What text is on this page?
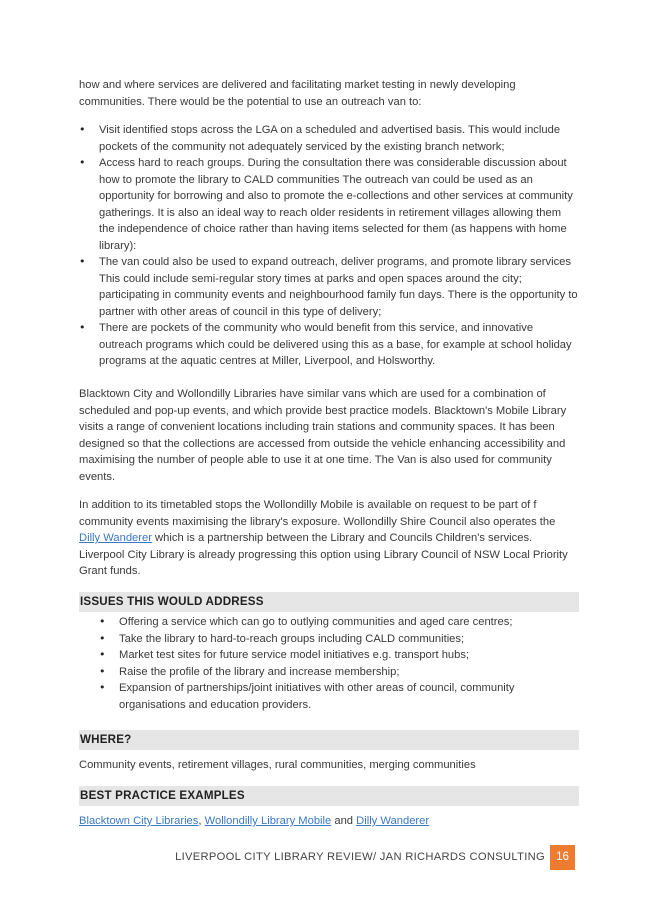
how and where services are delivered and facilitating market testing in newly developing communities. There would be the potential to use an outreach van to:

• Visit identified stops across the LGA on a scheduled and advertised basis. This would include pockets of the community not adequately serviced by the existing branch network;
• Access hard to reach groups. During the consultation there was considerable discussion about how to promote the library to CALD communities The outreach van could be used as an opportunity for borrowing and also to promote the e-collections and other services at community gatherings. It is also an ideal way to reach older residents in retirement villages allowing them the independence of choice rather than having items selected for them (as happens with home library):
• The van could also be used to expand outreach, deliver programs, and promote library services This could include semi-regular story times at parks and open spaces around the city; participating in community events and neighbourhood family fun days. There is the opportunity to partner with other areas of council in this type of delivery;
• There are pockets of the community who would benefit from this service, and innovative outreach programs which could be delivered using this as a base, for example at school holiday programs at the aquatic centres at Miller, Liverpool, and Holsworthy.

Blacktown City and Wollondilly Libraries have similar vans which are used for a combination of scheduled and pop-up events, and which provide best practice models. Blacktown's Mobile Library visits a range of convenient locations including train stations and community spaces. It has been designed so that the collections are accessed from outside the vehicle enhancing accessibility and maximising the number of people able to use it at one time. The Van is also used for community events.

In addition to its timetabled stops the Wollondilly Mobile is available on request to be part of f community events maximising the library's exposure. Wollondilly Shire Council also operates the Dilly Wanderer which is a partnership between the Library and Councils Children's services. Liverpool City Library is already progressing this option using Library Council of NSW Local Priority Grant funds.

ISSUES THIS WOULD ADDRESS
• Offering a service which can go to outlying communities and aged care centres;
• Take the library to hard-to-reach groups including CALD communities;
• Market test sites for future service model initiatives e.g. transport hubs;
• Raise the profile of the library and increase membership;
• Expansion of partnerships/joint initiatives with other areas of council, community organisations and education providers.
WHERE?

Community events, retirement villages, rural communities, merging communities

BEST PRACTICE EXAMPLES

Blacktown City Libraries, Wollondilly Library Mobile and Dilly Wanderer

LIVERPOOL CITY LIBRARY REVIEW/ JAN RICHARDS CONSULTING 16
